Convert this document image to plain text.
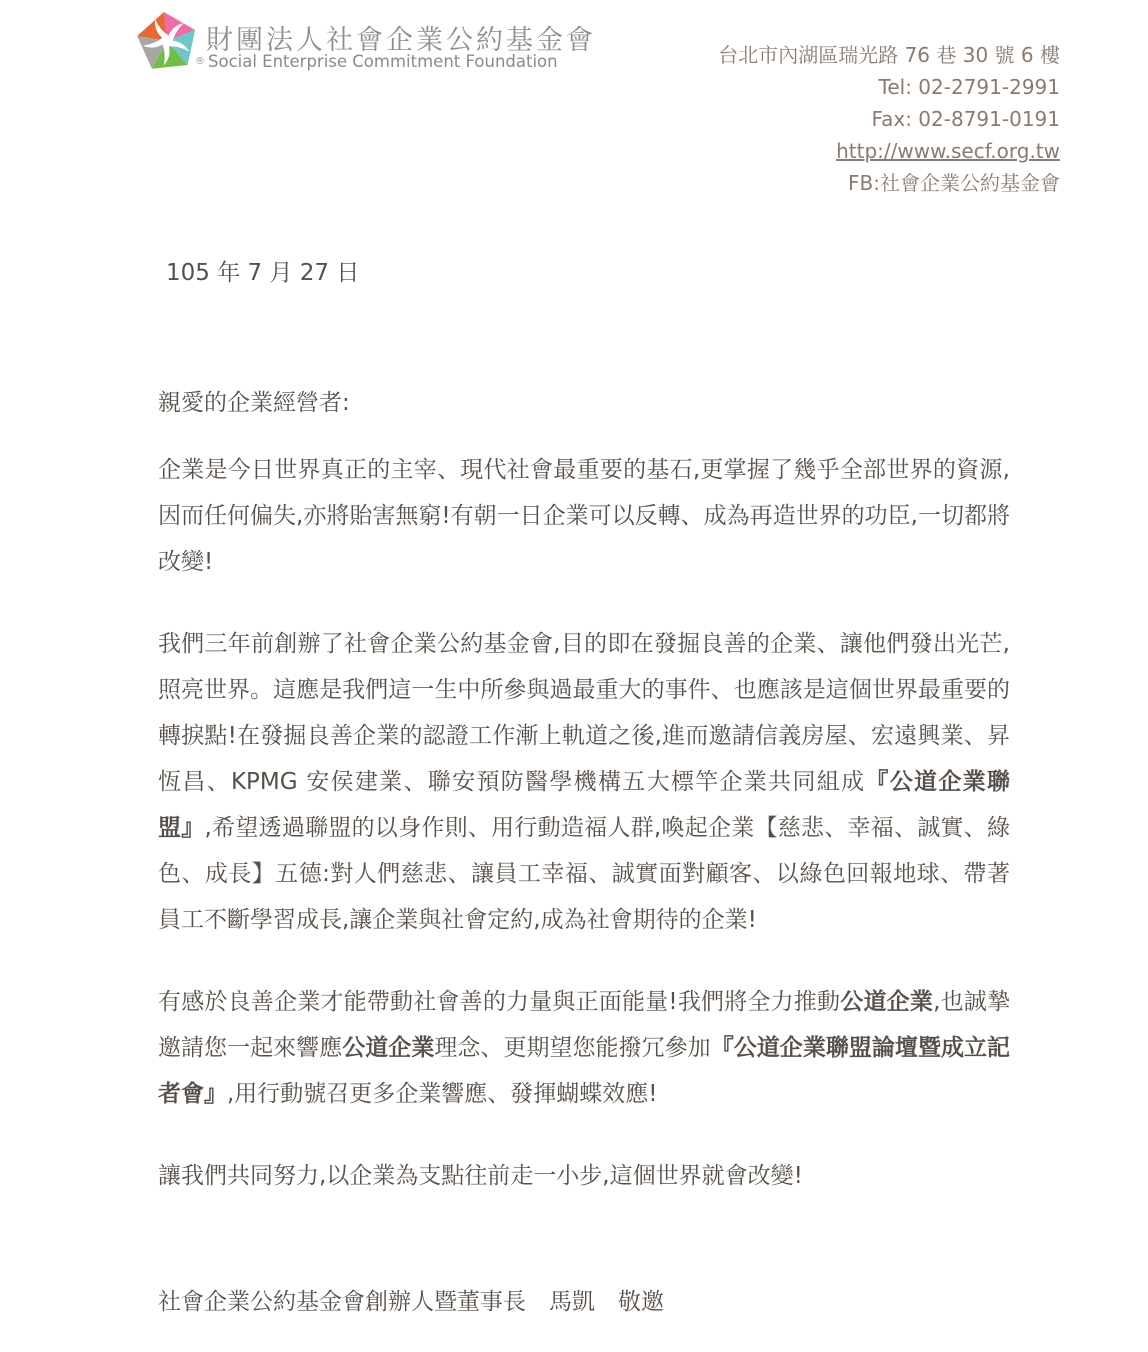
財團法人社會企業公約基金會
® Social Enterprise Commitment Foundation	台北市內湖區瑞光路 76 巷 30 號 6 樓
Tel: 02-2791-2991
Fax: 02-8791-0191
http://www.secf.org.tw
FB:社會企業公約基金會
105 年 7 月 27 日
親愛的企業經營者:
企業是今日世界真正的主宰、現代社會最重要的基石,更掌握了幾乎全部世界的資源,因而任何偏失,亦將貽害無窮!有朝一日企業可以反轉、成為再造世界的功臣,一切都將改變!
我們三年前創辦了社會企業公約基金會,目的即在發掘良善的企業、讓他們發出光芒,照亮世界。這應是我們這一生中所參與過最重大的事件、也應該是這個世界最重要的轉捩點!在發掘良善企業的認證工作漸上軌道之後,進而邀請信義房屋、宏遠興業、昇恆昌、KPMG 安侯建業、聯安預防醫學機構五大標竿企業共同組成『公道企業聯盟』,希望透過聯盟的以身作則、用行動造福人群,喚起企業【慈悲、幸福、誠實、綠色、成長】五德:對人們慈悲、讓員工幸福、誠實面對顧客、以綠色回報地球、帶著員工不斷學習成長,讓企業與社會定約,成為社會期待的企業!
有感於良善企業才能帶動社會善的力量與正面能量!我們將全力推動公道企業,也誠摯邀請您一起來響應公道企業理念、更期望您能撥冗參加『公道企業聯盟論壇暨成立記者會』,用行動號召更多企業響應、發揮蝴蝶效應!
讓我們共同努力,以企業為支點往前走一小步,這個世界就會改變!
社會企業公約基金會創辦人暨董事長　馬凱　敬邀
